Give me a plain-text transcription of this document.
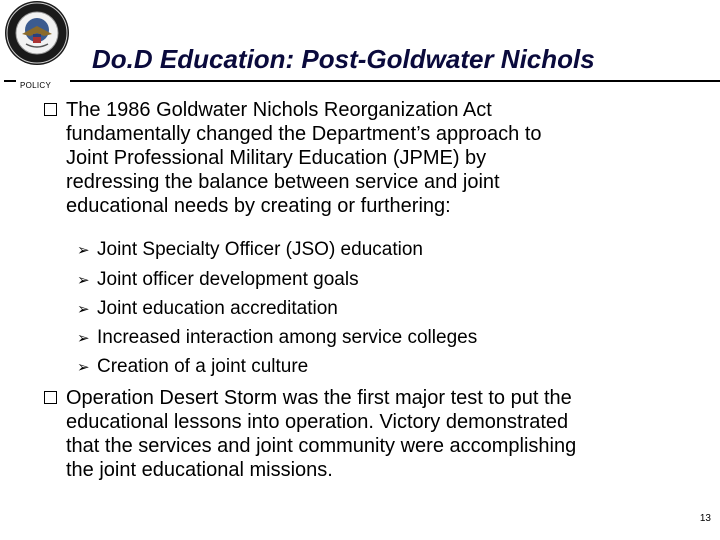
POLICY
Do.D Education: Post-Goldwater Nichols
The 1986 Goldwater Nichols Reorganization Act
fundamentally changed the Department’s approach to
Joint Professional Military Education (JPME) by
redressing the balance between service and joint
educational needs by creating or furthering:
➢ Joint Specialty Officer (JSO) education
➢ Joint officer development goals
➢ Joint education accreditation
➢ Increased interaction among service colleges
➢ Creation of a joint culture
Operation Desert Storm was the first major test to put the
educational lessons into operation. Victory demonstrated
that the services and joint community were accomplishing
the joint educational missions.
13
